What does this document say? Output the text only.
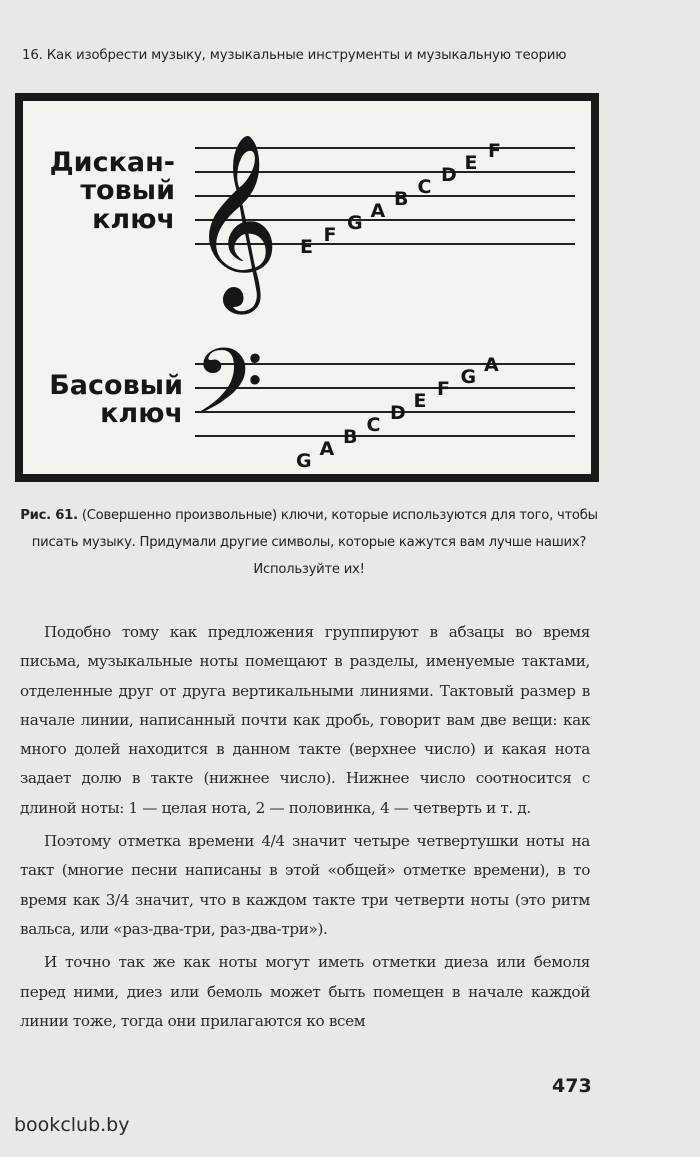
16. Как изобрести музыку, музыкальные инструменты и музыкальную теорию
𝄞
𝄢
E
F
G
A
B
C
D
E
F
G
A
B
C
D
E
F
G
A
Дискан-
товый
ключ
Басовый
ключ
Рис. 61. (Совершенно произвольные) ключи, которые используются для того, чтобы писать музыку. Придумали другие символы, которые кажутся вам лучше наших? Используйте их!

Подобно тому как предложения группируют в абзацы во время письма, музыкальные ноты помещают в разделы, именуемые тактами, отделенные друг от друга вертикальными линиями. Тактовый размер в начале линии, написанный почти как дробь, говорит вам две вещи: как много долей находится в данном такте (верхнее число) и какая нота задает долю в такте (нижнее число). Нижнее число соотносится с длиной ноты: 1 — целая нота, 2 — половинка, 4 — четверть и т. д.

Поэтому отметка времени 4/4 значит четыре четвертушки ноты на такт (многие песни написаны в этой «общей» отметке времени), в то время как 3/4 значит, что в каждом такте три четверти ноты (это ритм вальса, или «раз-два-три, раз-два-три»).

И точно так же как ноты могут иметь отметки диеза или бемоля перед ними, диез или бемоль может быть помещен в начале каждой линии тоже, тогда они прилагаются ко всем

473
bookclub.by
